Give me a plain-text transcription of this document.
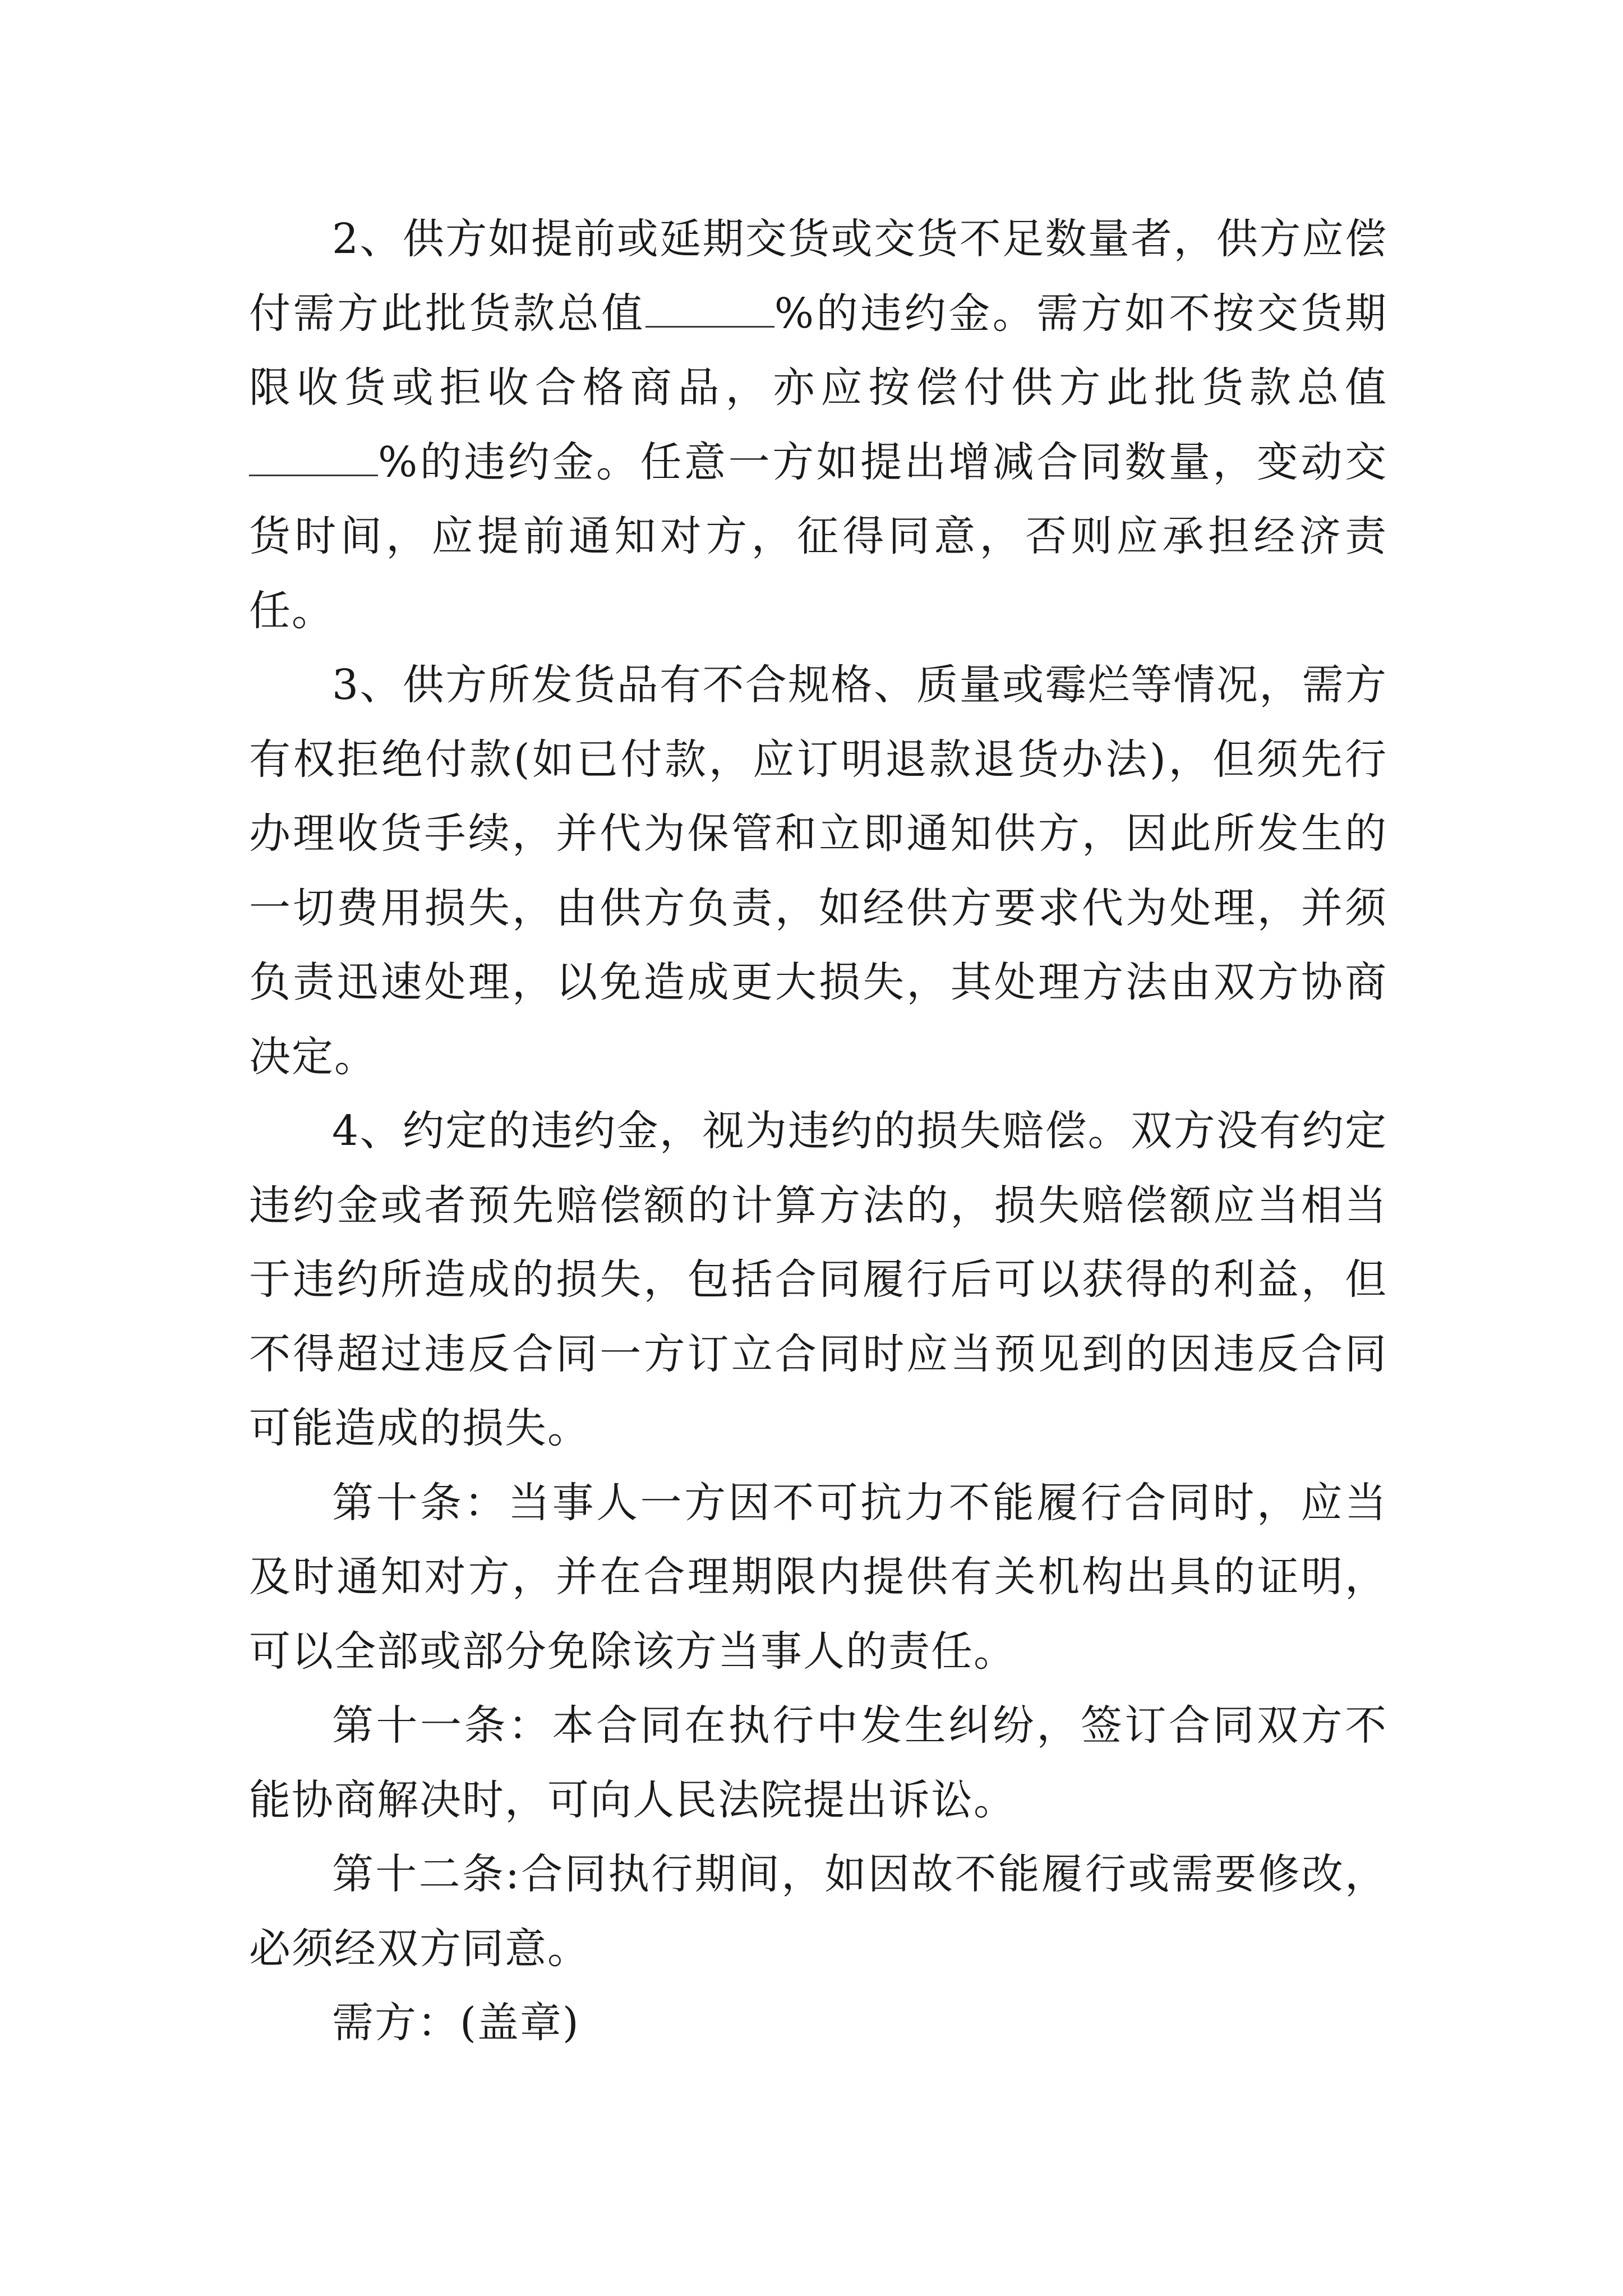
2、供方如提前或延期交货或交货不足数量者，供方应偿付需方此批货款总值	%的违约金。需方如不按交货期限收货或拒收合格商品，亦应按偿付供方此批货款总值%的违约金。任意一方如提出增减合同数量，变动交货时间，应提前通知对方，征得同意，否则应承担经济责任。

3、供方所发货品有不合规格、质量或霉烂等情况，需方有权拒绝付款(如已付款，应订明退款退货办法)，但须先行办理收货手续，并代为保管和立即通知供方，因此所发生的一切费用损失，由供方负责，如经供方要求代为处理，并须负责迅速处理，以免造成更大损失，其处理方法由双方协商决定。

4、约定的违约金，视为违约的损失赔偿。双方没有约定违约金或者预先赔偿额的计算方法的，损失赔偿额应当相当于违约所造成的损失，包括合同履行后可以获得的利益，但不得超过违反合同一方订立合同时应当预见到的因违反合同可能造成的损失。

第十条：当事人一方因不可抗力不能履行合同时，应当及时通知对方，并在合理期限内提供有关机构出具的证明，可以全部或部分免除该方当事人的责任。

第十一条：本合同在执行中发生纠纷，签订合同双方不能协商解决时，可向人民法院提出诉讼。

第十二条:合同执行期间，如因故不能履行或需要修改，必须经双方同意。

需方：(盖章)
